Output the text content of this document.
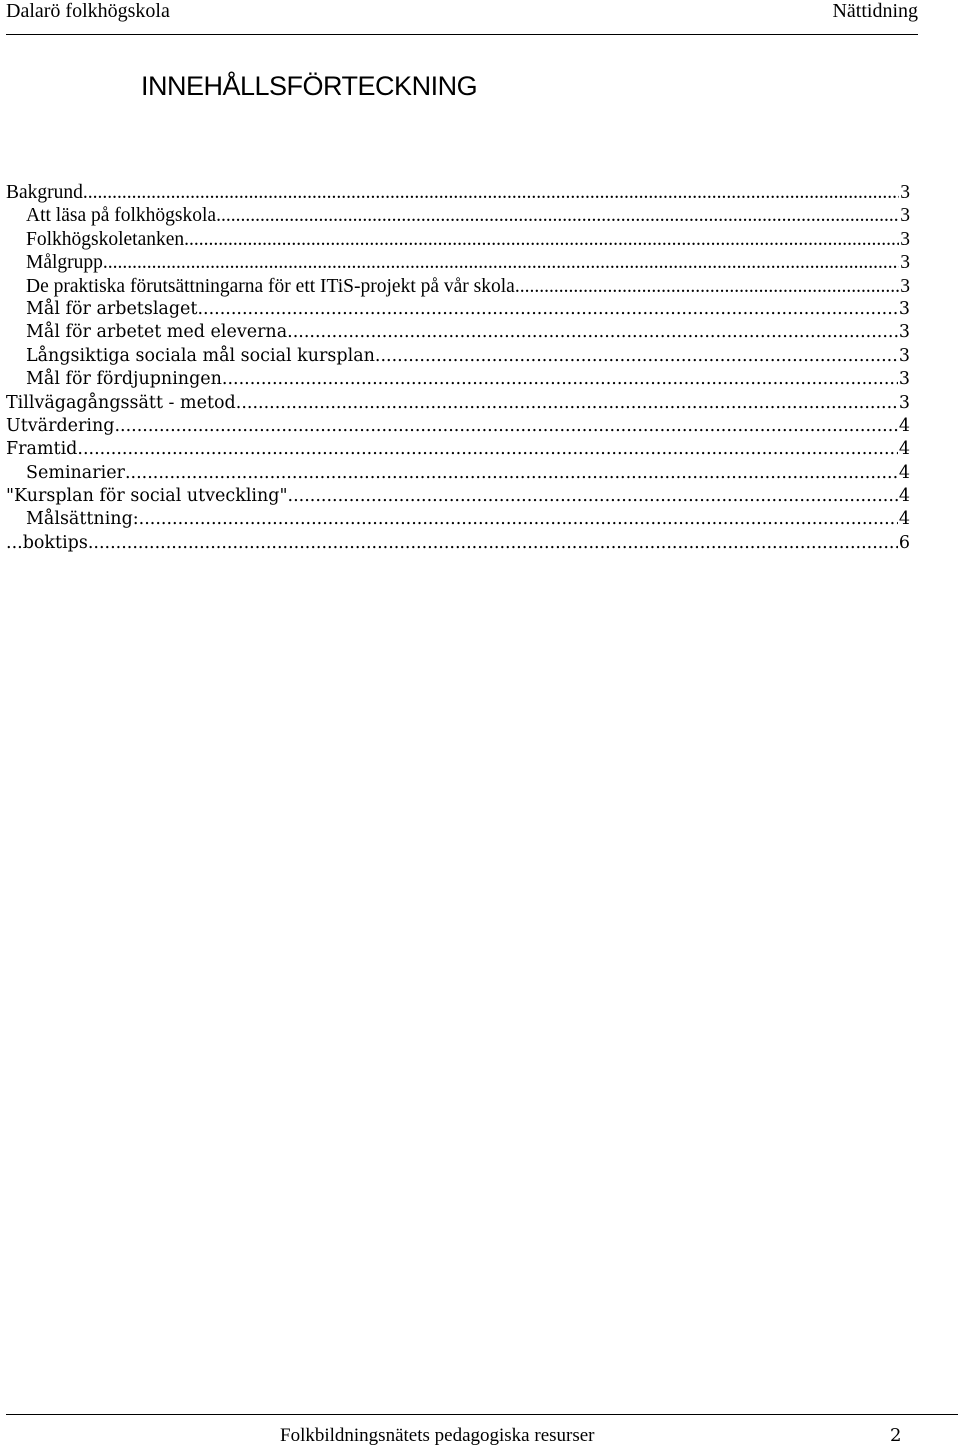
Dalarö folkhögskola	Nättidning
INNEHÅLLSFÖRTECKNING
Bakgrund .....	3
Att läsa på folkhögskola. .....	3
Folkhögskoletanken .....	3
Målgrupp .....	3
De praktiska förutsättningarna för ett ITiS-projekt på vår skola .....	3
Mål för arbetslaget .....	3
Mål för arbetet med eleverna .....	3
Långsiktiga sociala mål social kursplan .....	3
Mål för fördjupningen .....	3
Tillvägagångssätt - metod .....	3
Utvärdering .....	4
Framtid .....	4
Seminarier .....	4
"Kursplan för social utveckling" .....	4
Målsättning: .....	4
...boktips .....	6
Folkbildningsnätets pedagogiska resurser	2
